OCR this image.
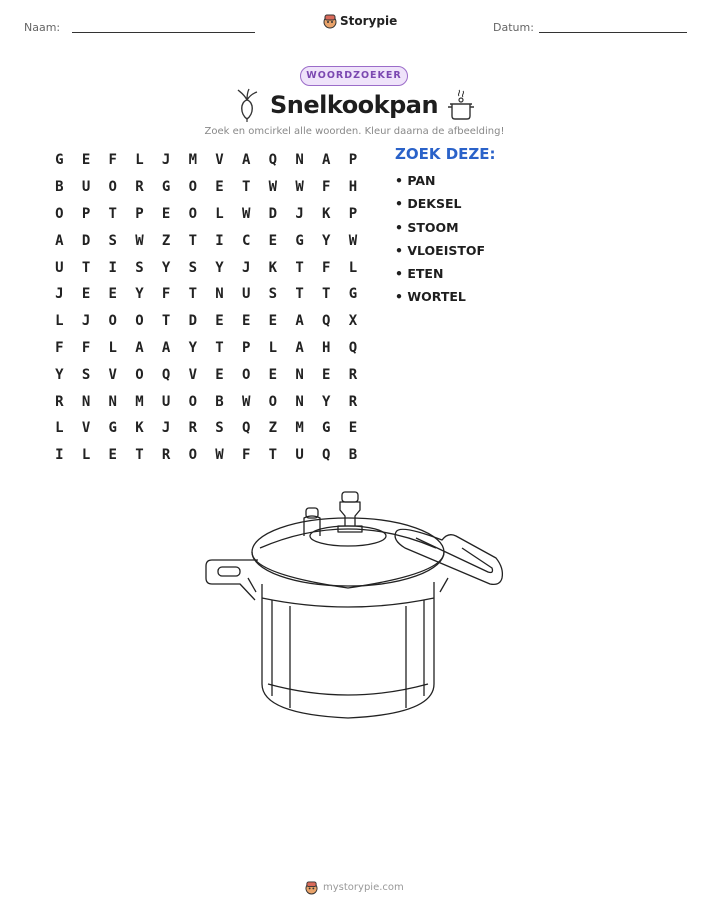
Naam:	Storypie	Datum:
WOORDZOEKER
Snelkookpan
Zoek en omcirkel alle woorden. Kleur daarna de afbeelding!
G	E	F	L	J	M	V	A	Q	N	A	P
B	U	O	R	G	O	E	T	W	W	F	H
O	P	T	P	E	O	L	W	D	J	K	P
A	D	S	W	Z	T	I	C	E	G	Y	W
U	T	I	S	Y	S	Y	J	K	T	F	L
J	E	E	Y	F	T	N	U	S	T	T	G
L	J	O	O	T	D	E	E	E	A	Q	X
F	F	L	A	A	Y	T	P	L	A	H	Q
Y	S	V	O	Q	V	E	O	E	N	E	R
R	N	N	M	U	O	B	W	O	N	Y	R
L	V	G	K	J	R	S	Q	Z	M	G	E
I	L	E	T	R	O	W	F	T	U	Q	B
ZOEK DEZE:
• PAN
• DEKSEL
• STOOM
• VLOEISTOF
• ETEN
• WORTEL
mystorypie.com
